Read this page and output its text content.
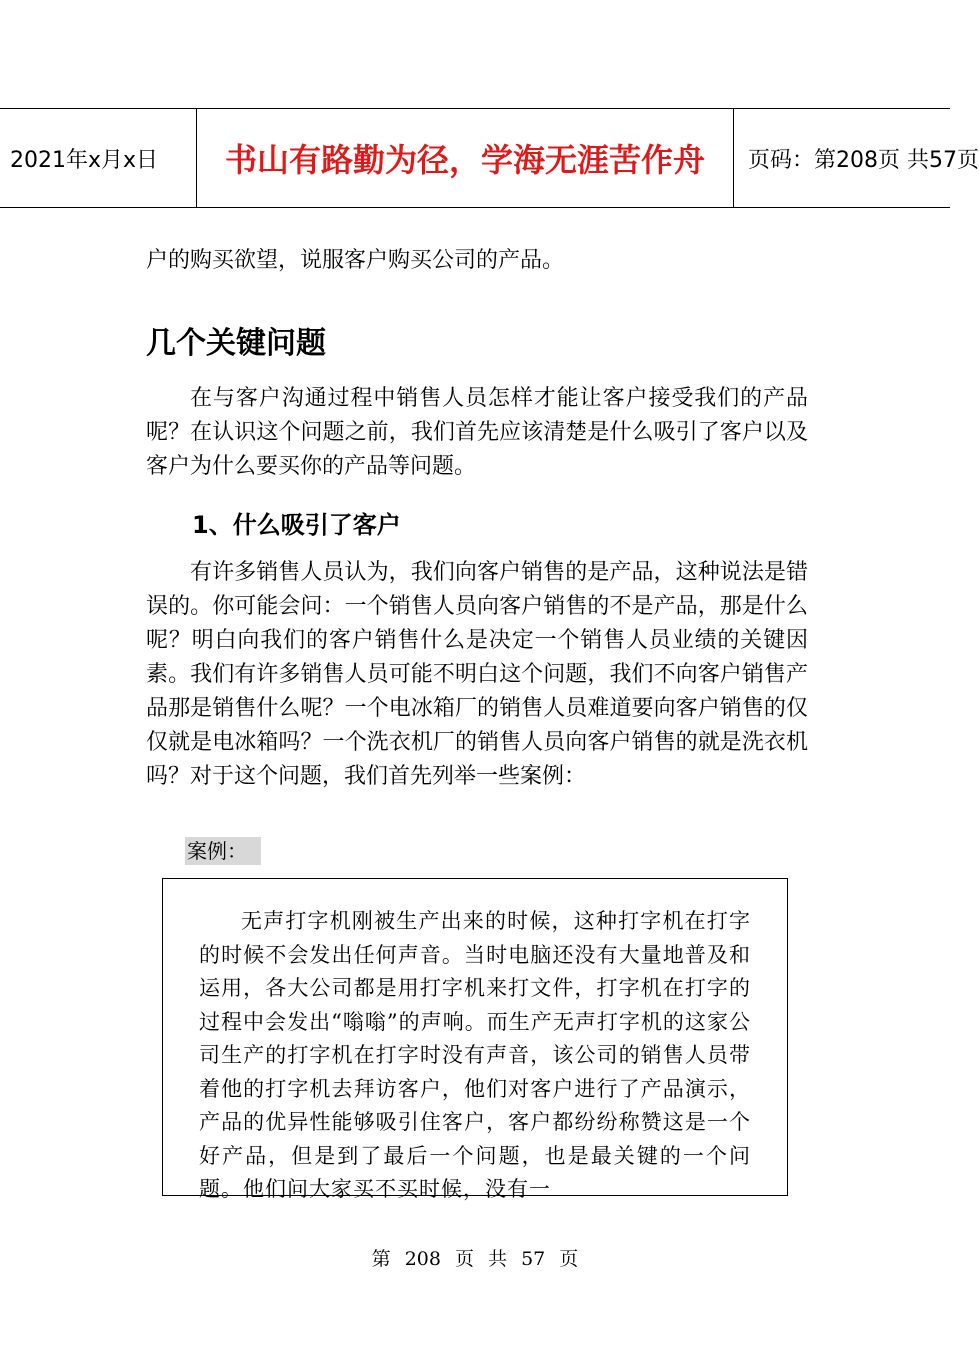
2021年x月x日	书山有路勤为径，学海无涯苦作舟	页码：第208页 共57页

户的购买欲望，说服客户购买公司的产品。

几个关键问题

在与客户沟通过程中销售人员怎样才能让客户接受我们的产品呢？在认识这个问题之前，我们首先应该清楚是什么吸引了客户以及客户为什么要买你的产品等问题。

1、什么吸引了客户

有许多销售人员认为，我们向客户销售的是产品，这种说法是错误的。你可能会问：一个销售人员向客户销售的不是产品，那是什么呢？明白向我们的客户销售什么是决定一个销售人员业绩的关键因素。我们有许多销售人员可能不明白这个问题，我们不向客户销售产品那是销售什么呢？一个电冰箱厂的销售人员难道要向客户销售的仅仅就是电冰箱吗？一个洗衣机厂的销售人员向客户销售的就是洗衣机吗？对于这个问题，我们首先列举一些案例：

案例：

无声打字机刚被生产出来的时候，这种打字机在打字的时候不会发出任何声音。当时电脑还没有大量地普及和运用，各大公司都是用打字机来打文件，打字机在打字的过程中会发出“嗡嗡”的声响。而生产无声打字机的这家公司生产的打字机在打字时没有声音，该公司的销售人员带着他的打字机去拜访客户，他们对客户进行了产品演示，产品的优异性能够吸引住客户，客户都纷纷称赞这是一个好产品，但是到了最后一个问题，也是最关键的一个问题。他们问大家买不买时候，没有一

第 208 页 共 57 页
